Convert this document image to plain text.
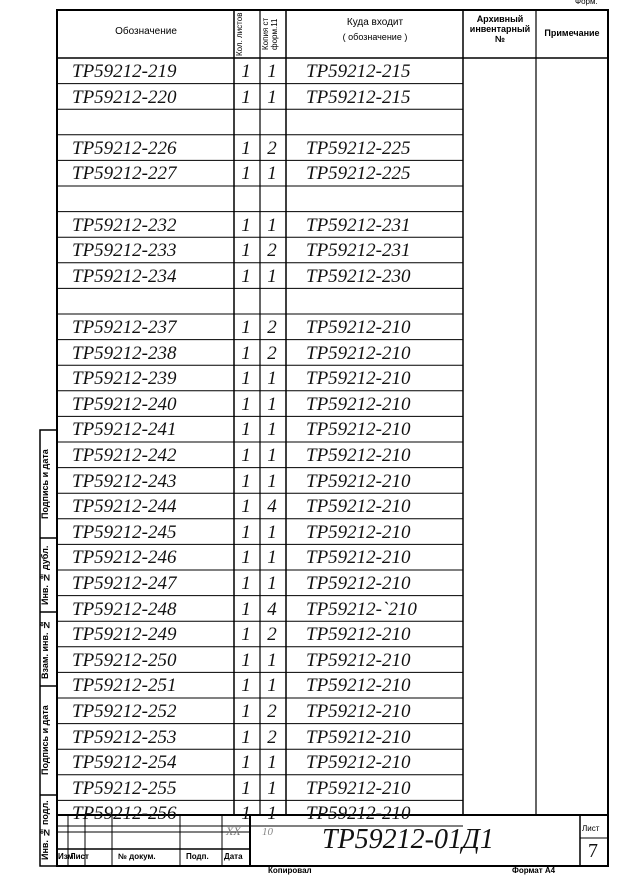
Форм.
Обозначение	Кол. листов	Копия ст форм.11	Куда входит
( обозначение )
Архивный инвентарный №
Примечание
ТР59212-219	1 1	ТР59212-215
ТР59212-220	1 1	ТР59212-215
ТР59212-226	1 2	ТР59212-225
ТР59212-227	1 1	ТР59212-225
ТР59212-232	1 1	ТР59212-231
ТР59212-233	1 2	ТР59212-231
ТР59212-234	1 1	ТР59212-230
ТР59212-237	1 2	ТР59212-210
ТР59212-238	1 2	ТР59212-210
ТР59212-239	1 1	ТР59212-210
ТР59212-240	1 1	ТР59212-210
ТР59212-241	1 1	ТР59212-210
ТР59212-242	1 1	ТР59212-210
ТР59212-243	1 1	ТР59212-210
ТР59212-244	1 4	ТР59212-210
ТР59212-245	1 1	ТР59212-210
ТР59212-246	1 1	ТР59212-210
ТР59212-247	1 1	ТР59212-210
ТР59212-248	1 4	ТР59212-`210
ТР59212-249	1 2	ТР59212-210
ТР59212-250	1 1	ТР59212-210
ТР59212-251	1 1	ТР59212-210
ТР59212-252	1 2	ТР59212-210
ТР59212-253	1 2	ТР59212-210
ТР59212-254	1 1	ТР59212-210
ТР59212-255	1 1	ТР59212-210
ТР59212-256	1 1	ТР59212-210
Подпись и дата
Инв. № дубл.
Взам. инв. №
Подпись и дата
Инв. № подл.	Изм
Лист	№ докум.	Подп. Дата
ХХ 10 ТР59212-01Д1	Лист
7
Копировал	Формат А4
